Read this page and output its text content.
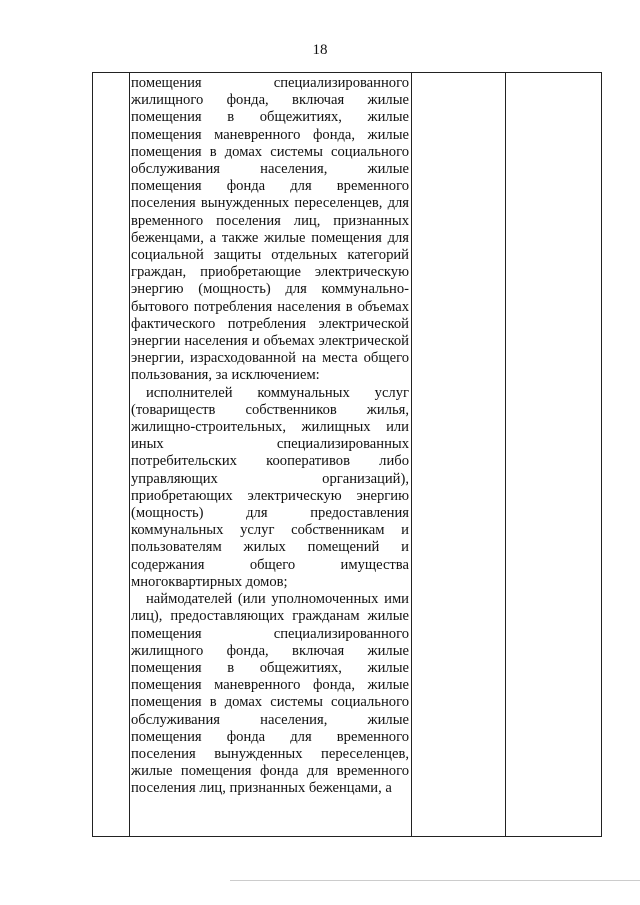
18

помещения специализированного жилищного фонда, включая жилые помещения в общежитиях, жилые помещения маневренного фонда, жилые помещения в домах системы социального обслуживания населения, жилые помещения фонда для временного поселения вынужденных переселенцев, для временного поселения лиц, признанных беженцами, а также жилые помещения для социальной защиты отдельных категорий граждан, приобретающие электрическую энергию (мощность) для коммунально-бытового потребления населения в объемах фактического потребления электрической энергии населения и объемах электрической энергии, израсходованной на места общего пользования, за исключением:

исполнителей коммунальных услуг (товариществ собственников жилья, жилищно-строительных, жилищных или иных специализированных потребительских кооперативов либо управляющих организаций), приобретающих электрическую энергию (мощность) для предоставления коммунальных услуг собственникам и пользователям жилых помещений и содержания общего имущества многоквартирных домов;

наймодателей (или уполномоченных ими лиц), предоставляющих гражданам жилые помещения специализированного жилищного фонда, включая жилые помещения в общежитиях, жилые помещения маневренного фонда, жилые помещения в домах системы социального обслуживания населения, жилые помещения фонда для временного поселения вынужденных переселенцев, жилые помещения фонда для временного поселения лиц, признанных беженцами, а
